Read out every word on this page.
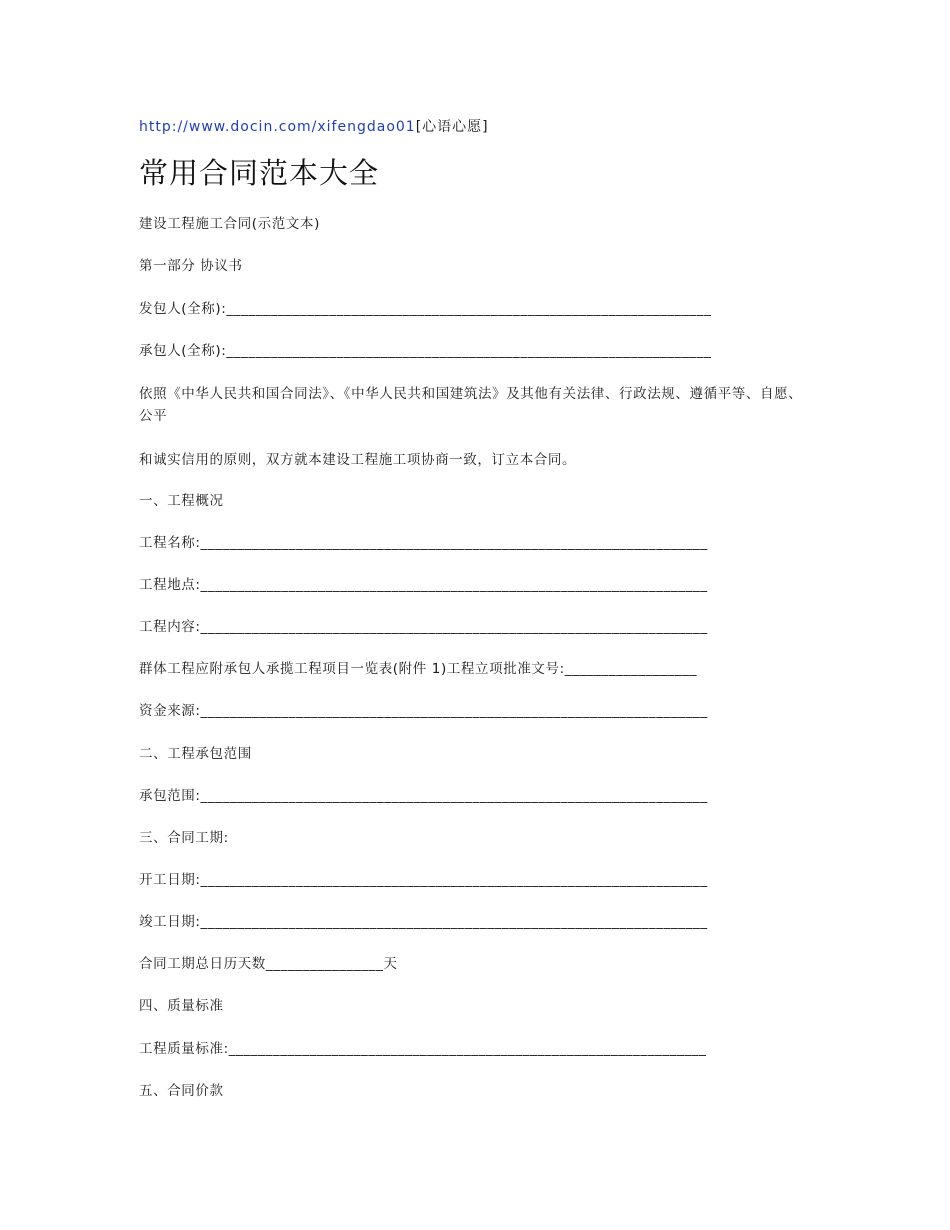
http://www.docin.com/xifengdao01[心语心愿]
常用合同范本大全
建设工程施工合同(示范文本)
第一部分 协议书
发包人(全称):__________________________________________________________________
承包人(全称):__________________________________________________________________
依照《中华人民共和国合同法》、《中华人民共和国建筑法》及其他有关法律、行政法规、遵循平等、自愿、公平
和诚实信用的原则，双方就本建设工程施工项协商一致，订立本合同。
一、工程概况
工程名称:_____________________________________________________________________
工程地点:_____________________________________________________________________
工程内容:_____________________________________________________________________
群体工程应附承包人承揽工程项目一览表(附件 1)工程立项批准文号:__________________
资金来源:_____________________________________________________________________
二、工程承包范围
承包范围:_____________________________________________________________________
三、合同工期:
开工日期:_____________________________________________________________________
竣工日期:_____________________________________________________________________
合同工期总日历天数________________天
四、质量标准
工程质量标准:_________________________________________________________________
五、合同价款
